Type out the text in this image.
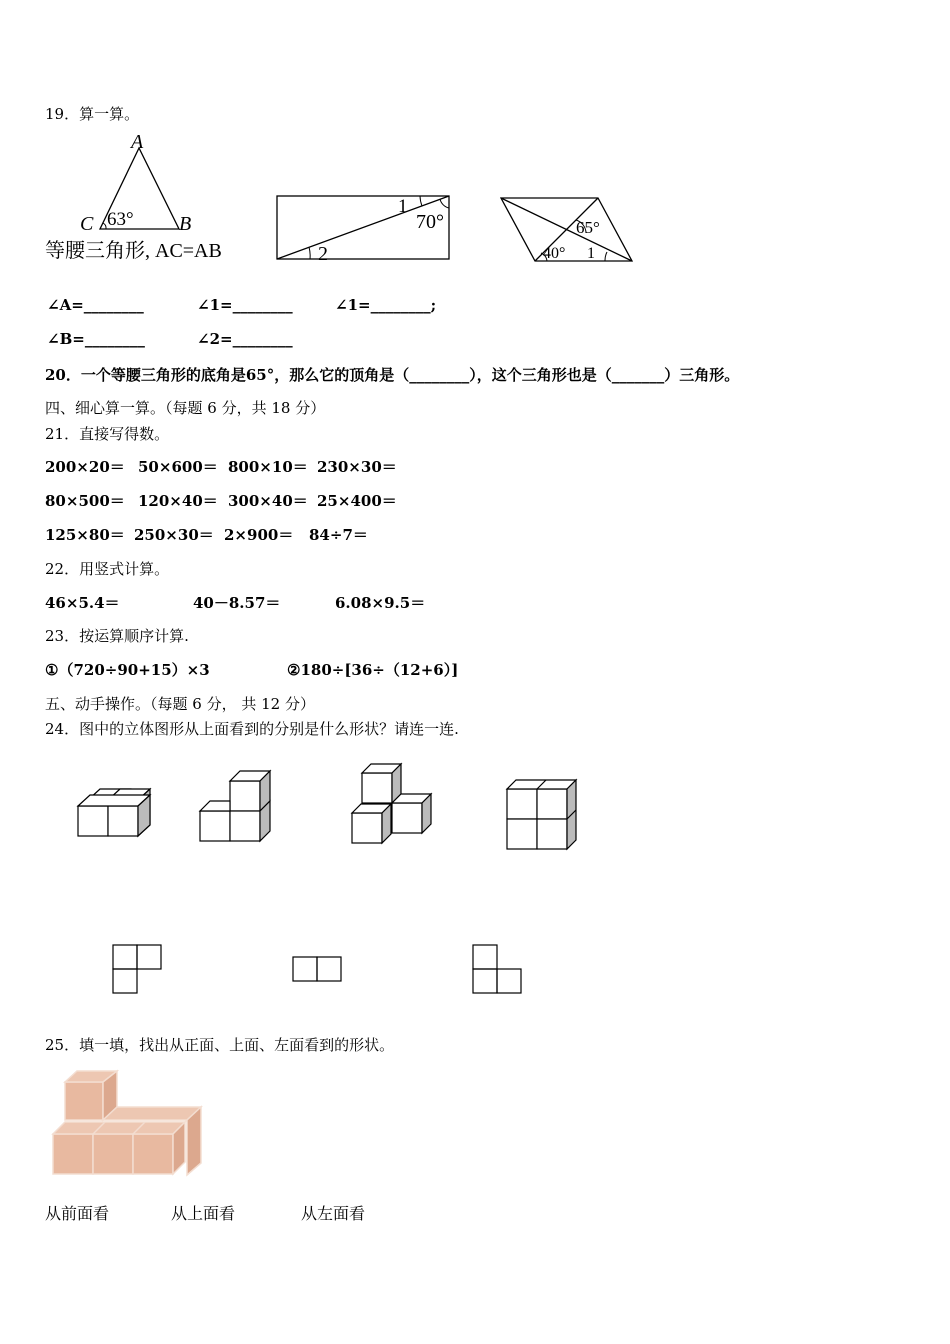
19．算一算。
A
C	B
63°
等腰三角形, AC=AB
1
70°
2
65°
40° 1
∠A=________	∠1=________	∠1=________;
∠B=________	∠2=________
20．一个等腰三角形的底角是65°，那么它的顶角是（________），这个三角形也是（_______）三角形。
四、细心算一算。（每题 6 分，共 18 分）
21．直接写得数。
200×20＝ 50×600＝ 800×10＝ 230×30＝
80×500＝ 120×40＝ 300×40＝ 25×400＝
125×80＝ 250×30＝ 2×900＝ 84÷7＝
22．用竖式计算。
46×5.4＝	40－8.57＝	6.08×9.5＝
23．按运算顺序计算.
①（720÷90+15）×3	②180÷[36÷（12+6）]
五、动手操作。（每题 6 分， 共 12 分）
24．图中的立体图形从上面看到的分别是什么形状？请连一连.
25．填一填，找出从正面、上面、左面看到的形状。
从前面看	从上面看	从左面看
